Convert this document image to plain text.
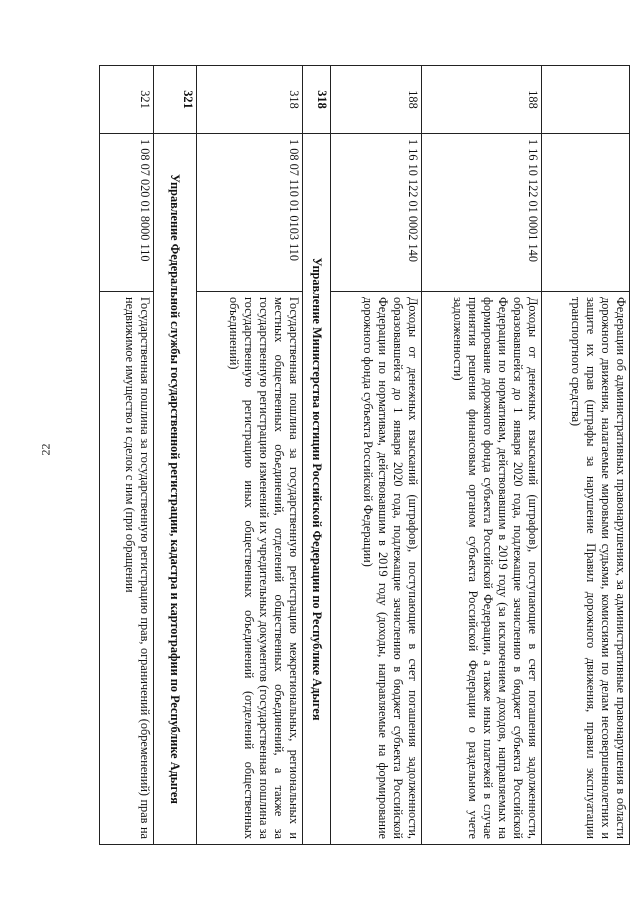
22
			Федерации об административных правонарушениях, за административные правонарушения в области дорожного движения, налагаемые мировыми судьями, комиссиями по делам несовершеннолетних и защите их прав (штрафы за нарушение Правил дорожного движения, правил эксплуатации транспортного средства)
188	1 16 10 122 01 0001 140	Доходы от денежных взысканий (штрафов), поступающие в счет погашения задолженности, образовавшейся до 1 января 2020 года, подлежащие зачислению в бюджет субъекта Российской Федерации по нормативам, действовавшим в 2019 году (за исключением доходов, направляемых на формирование дорожного фонда субъекта Российской Федерации, а также иных платежей в случае принятия решения финансовым органом субъекта Российской Федерации о раздельном учете задолженности)
188	1 16 10 122 01 0002 140	Доходы от денежных взысканий (штрафов), поступающие в счет погашения задолженности, образовавшейся до 1 января 2020 года, подлежащие зачислению в бюджет субъекта Российской Федерации по нормативам, действовавшим в 2019 году (доходы, направляемые на формирование дорожного фонда субъекта Российской Федерации)
318	Управление Министерства юстиции Российской Федерации по Республике Адыгея	
318	1 08 07 110 01 0103 110	Государственная пошлина за государственную регистрацию межрегиональных, региональных и местных общественных объединений, отделений общественных объединений, а также за государственную регистрацию изменений их учредительных документов (государственная пошлина за государственную регистрацию иных общественных объединений (отделений общественных объединений)
321	Управление Федеральной службы государственной регистрации, кадастра и картографии по Республике Адыгея	
321	1 08 07 020 01 8000 110	Государственная пошлина за государственную регистрацию прав, ограничений (обременений) прав на недвижимое имущество и сделок с ним (при обращении
